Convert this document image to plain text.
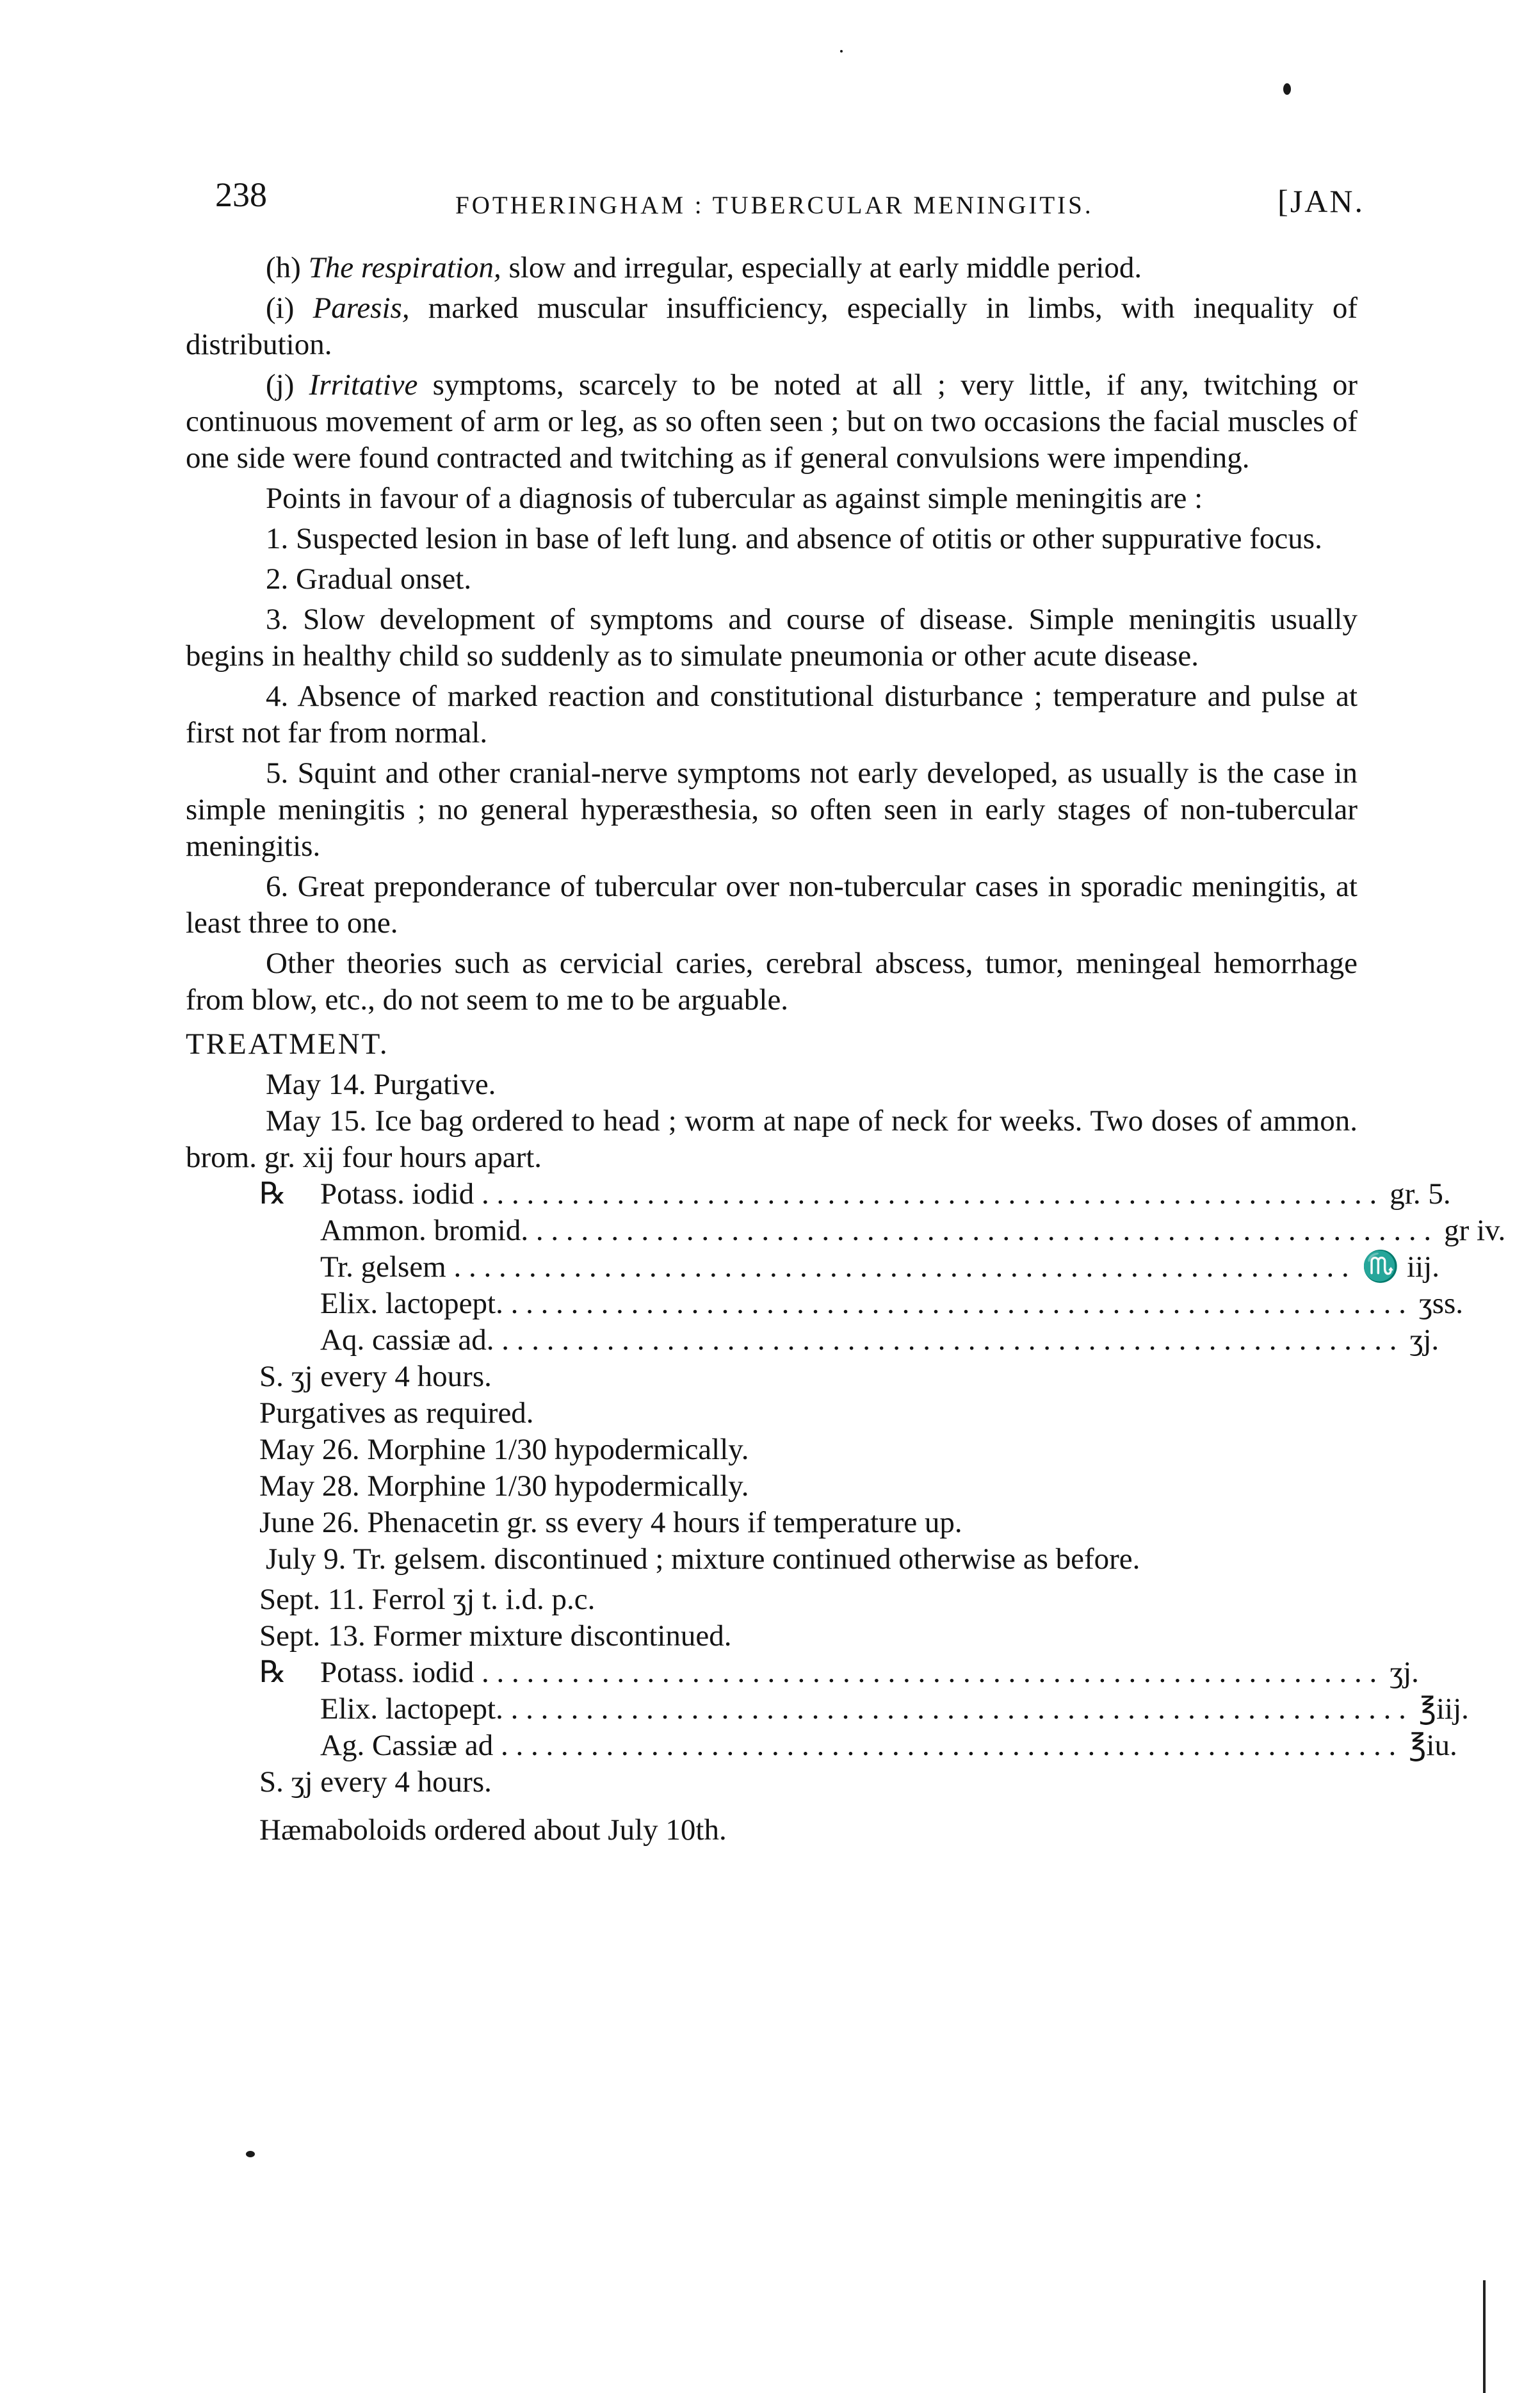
238	FOTHERINGHAM : TUBERCULAR MENINGITIS.	[JAN.

(h) The respiration, slow and irregular, especially at early middle period.

(i) Paresis, marked muscular insufficiency, especially in limbs, with inequality of distribution.

(j) Irritative symptoms, scarcely to be noted at all ; very little, if any, twitching or continuous movement of arm or leg, as so often seen ; but on two occasions the facial muscles of one side were found contracted and twitching as if general convulsions were impending.

Points in favour of a diagnosis of tubercular as against simple meningitis are :

1. Suspected lesion in base of left lung. and absence of otitis or other suppurative focus.

2. Gradual onset.

3. Slow development of symptoms and course of disease. Simple meningitis usually begins in healthy child so suddenly as to simulate pneumonia or other acute disease.

4. Absence of marked reaction and constitutional disturbance ; temperature and pulse at first not far from normal.

5. Squint and other cranial-nerve symptoms not early developed, as usually is the case in simple meningitis ; no general hyperæsthesia, so often seen in early stages of non-tubercular meningitis.

6. Great preponderance of tubercular over non-tubercular cases in sporadic meningitis, at least three to one.

Other theories such as cervicial caries, cerebral abscess, tumor, meningeal hemorrhage from blow, etc., do not seem to me to be arguable.

TREATMENT.

May 14. Purgative.

May 15. Ice bag ordered to head ; worm at nape of neck for weeks. Two doses of ammon. brom. gr. xij four hours apart.

℞	Potass. iodid . . . . . . . . . . . . . . . . . . . . . . . . . . . . . . . . . . . . . . . . . . . . . . . . . . . . . . . . . . . . gr. 5.
Ammon. bromid. . . . . . . . . . . . . . . . . . . . . . . . . . . . . . . . . . . . . . . . . . . . . . . . . . . . . . . . . . . . . gr iv.
Tr. gelsem . . . . . . . . . . . . . . . . . . . . . . . . . . . . . . . . . . . . . . . . . . . . . . . . . . . . . . . . . . . . ♏ iij.
Elix. lactopept. . . . . . . . . . . . . . . . . . . . . . . . . . . . . . . . . . . . . . . . . . . . . . . . . . . . . . . . . . . . . ʒss.
Aq. cassiæ ad. . . . . . . . . . . . . . . . . . . . . . . . . . . . . . . . . . . . . . . . . . . . . . . . . . . . . . . . . . . . . ʒj.

S. ʒj every 4 hours.

Purgatives as required.

May 26. Morphine 1/30 hypodermically.

May 28. Morphine 1/30 hypodermically.

June 26. Phenacetin gr. ss every 4 hours if temperature up.

July 9. Tr. gelsem. discontinued ; mixture continued otherwise as before.

Sept. 11. Ferrol ʒj t. i.d. p.c.

Sept. 13. Former mixture discontinued.

℞	Potass. iodid . . . . . . . . . . . . . . . . . . . . . . . . . . . . . . . . . . . . . . . . . . . . . . . . . . . . . . . . . . . . ʒj.
Elix. lactopept. . . . . . . . . . . . . . . . . . . . . . . . . . . . . . . . . . . . . . . . . . . . . . . . . . . . . . . . . . . . . ℥iij.
Ag. Cassiæ ad . . . . . . . . . . . . . . . . . . . . . . . . . . . . . . . . . . . . . . . . . . . . . . . . . . . . . . . . . . . . ℥iu.

S. ʒj every 4 hours.

Hæmaboloids ordered about July 10th.
